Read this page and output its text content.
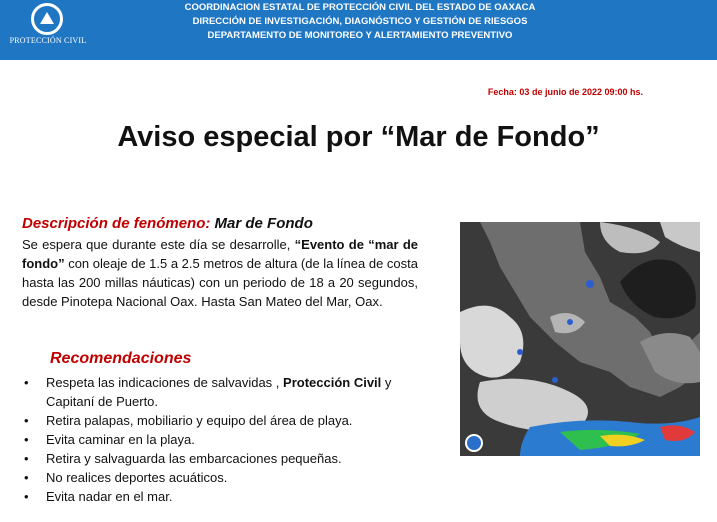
PROTECCIÓN CIVIL
COORDINACION ESTATAL DE PROTECCIÓN CIVIL DEL ESTADO DE OAXACA
DIRECCIÓN DE INVESTIGACIÓN, DIAGNÓSTICO Y GESTIÓN DE RIESGOS
DEPARTAMENTO DE MONITOREO Y ALERTAMIENTO PREVENTIVO
Fecha: 03 de junio de 2022 09:00 hs.
Aviso especial por “Mar de Fondo”
Descripción de fenómeno: Mar de Fondo
Se espera que durante este día se desarrolle, “Evento de “mar de fondo” con oleaje de 1.5 a 2.5 metros de altura (de la línea de costa hasta las 200 millas náuticas) con un periodo de 18 a 20 segundos, desde Pinotepa Nacional Oax. Hasta San Mateo del Mar, Oax.
Recomendaciones
• Respeta las indicaciones de salvavidas , Protección Civil y Capitaní de Puerto.
• Retira palapas, mobiliario y equipo del área de playa.
• Evita caminar en la playa.
• Retira y salvaguarda las embarcaciones pequeñas.
• No realices deportes acuáticos.
• Evita nadar en el mar.
